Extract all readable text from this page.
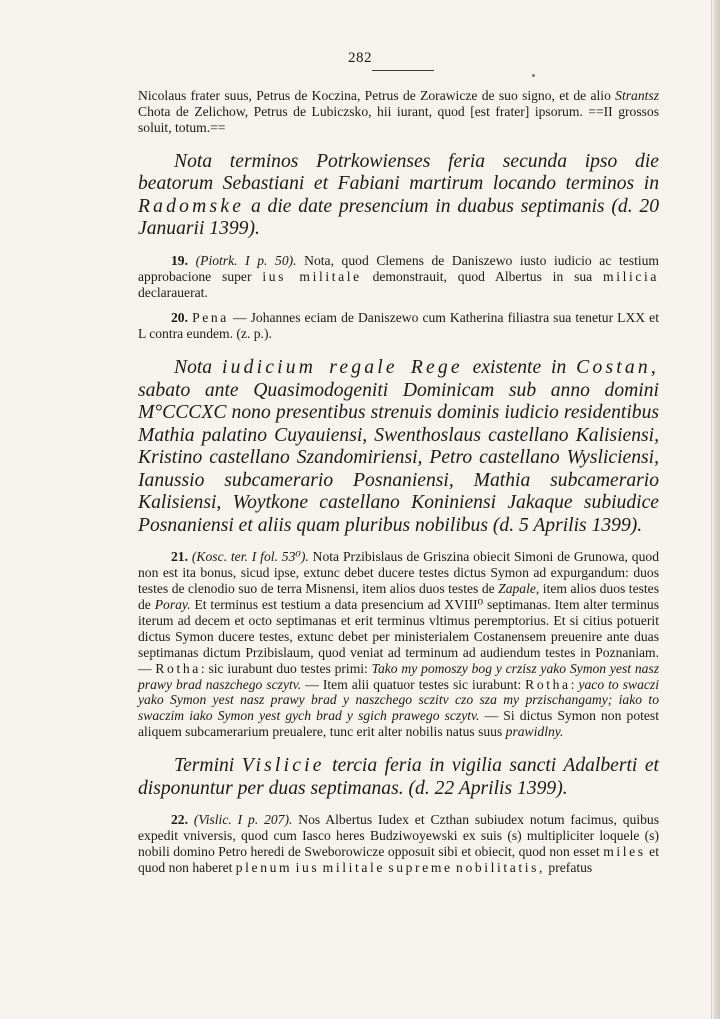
282

Nicolaus frater suus, Petrus de Koczina, Petrus de Zorawicze de suo signo, et de alio Strantsz Chota de Zelichow, Petrus de Lubiczsko, hii iurant, quod [est frater] ipsorum. ==II grossos soluit, totum.==

Nota terminos Potrkowienses feria secunda ipso die beatorum Sebastiani et Fabiani martirum locando terminos in Radomske a die date presencium in duabus septimanis (d. 20 Januarii 1399).

19. (Piotrk. I p. 50). Nota, quod Clemens de Daniszewo iusto iudicio ac testium approbacione super ius militale demonstrauit, quod Albertus in sua milicia declarauerat.

20. Pena — Johannes eciam de Daniszewo cum Katherina filiastra sua tenetur LXX et L contra eundem. (z. p.).

Nota iudicium regale Rege existente in Costan, sabato ante Quasimodogeniti Dominicam sub anno domini M°CCCXC nono presentibus strenuis dominis iudicio residentibus Mathia palatino Cuyauiensi, Swenthoslaus castellano Kalisiensi, Kristino castellano Szandomiriensi, Petro castellano Wysliciensi, Ianussio subcamerario Posnaniensi, Mathia subcamerario Kalisiensi, Woytkone castellano Koniniensi Jakaque subiudice Posnaniensi et aliis quam pluribus nobilibus (d. 5 Aprilis 1399).

21. (Kosc. ter. I fol. 53⁰). Nota Przibislaus de Griszina obiecit Simoni de Grunowa, quod non est ita bonus, sicud ipse, extunc debet ducere testes dictus Symon ad expurgandum: duos testes de clenodio suo de terra Misnensi, item alios duos testes de Zapale, item alios duos testes de Poray. Et terminus est testium a data presencium ad XVIII⁰ septimanas. Item alter terminus iterum ad decem et octo septimanas et erit terminus vltimus peremptorius. Et si citius potuerit dictus Symon ducere testes, extunc debet per ministerialem Costanensem preuenire ante duas septimanas dictum Przibislaum, quod veniat ad terminum ad audiendum testes in Poznaniam. — Rotha: sic iurabunt duo testes primi: Tako my pomoszy bog y crzisz yako Symon yest nasz prawy brad naszchego sczytv. — Item alii quatuor testes sic iurabunt: Rotha: yaco to swaczi yako Symon yest nasz prawy brad y naszchego sczitv czo sza my przischangamy; iako to swaczim iako Symon yest gych brad y sgich prawego sczytv. — Si dictus Symon non potest aliquem subcamerarium preualere, tunc erit alter nobilis natus suus prawidlny.

Termini Vislicie tercia feria in vigilia sancti Adalberti et disponuntur per duas septimanas. (d. 22 Aprilis 1399).

22. (Vislic. I p. 207). Nos Albertus Iudex et Czthan subiudex notum facimus, quibus expedit vniversis, quod cum Iasco heres Budziwoyewski ex suis (s) multipliciter loquele (s) nobili domino Petro heredi de Sweborowicze opposuit sibi et obiecit, quod non esset miles et quod non haberet plenum ius militale supreme nobilitatis, prefatus
